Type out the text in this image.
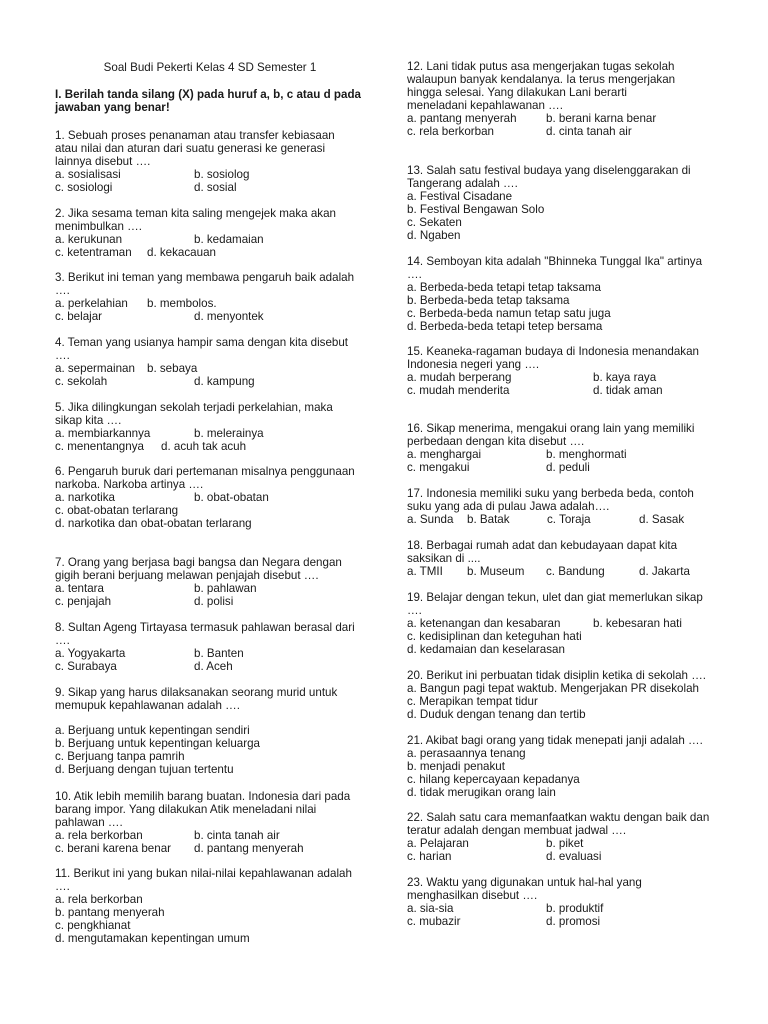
Soal Budi Pekerti Kelas 4 SD Semester 1
I. Berilah tanda silang (X) pada huruf a, b, c atau d pada jawaban yang benar!

1. Sebuah proses penanaman atau transfer kebiasaan atau nilai dan aturan dari suatu generasi ke generasi lainnya disebut ….

a. sosialisasi	b. sosiolog
c. sosiologi	d. sosial

2. Jika sesama teman kita saling mengejek maka akan menimbulkan ….

a. kerukunan	b. kedamaian
c. ketentraman	d. kekacauan

3. Berikut ini teman yang membawa pengaruh baik adalah ….

a. perkelahian	b. membolos.
c. belajar	d. menyontek

4. Teman yang usianya hampir sama dengan kita disebut ….

a. sepermainan	b. sebaya
c. sekolah	d. kampung

5. Jika dilingkungan sekolah terjadi perkelahian, maka sikap kita ….

a. membiarkannya	b. melerainya
c. menentangnya	d. acuh tak acuh

6. Pengaruh buruk dari pertemanan misalnya penggunaan narkoba. Narkoba artinya ….

a. narkotika	b. obat-obatan
c. obat-obatan terlarang
d. narkotika dan obat-obatan terlarang

7. Orang yang berjasa bagi bangsa dan Negara dengan gigih berani berjuang melawan penjajah disebut ….

a. tentara	b. pahlawan
c. penjajah	d. polisi

8. Sultan Ageng Tirtayasa termasuk pahlawan berasal dari ….

a. Yogyakarta	b. Banten
c. Surabaya	d. Aceh

9. Sikap yang harus dilaksanakan seorang murid untuk memupuk kepahlawanan adalah ….

a. Berjuang untuk kepentingan sendiri
b. Berjuang untuk kepentingan keluarga
c. Berjuang tanpa pamrih
d. Berjuang dengan tujuan tertentu

10. Atik lebih memilih barang buatan. Indonesia dari pada barang impor. Yang dilakukan Atik meneladani nilai pahlawan ….

a. rela berkorban	b. cinta tanah air
c. berani karena benar	d. pantang menyerah

11. Berikut ini yang bukan nilai-nilai kepahlawanan adalah ….

a. rela berkorban
b. pantang menyerah
c. pengkhianat
d. mengutamakan kepentingan umum

12. Lani tidak putus asa mengerjakan tugas sekolah walaupun banyak kendalanya. Ia terus mengerjakan hingga selesai. Yang dilakukan Lani berarti meneladani kepahlawanan ….

a. pantang menyerah	b. berani karna benar
c. rela berkorban	d. cinta tanah air

13. Salah satu festival budaya yang diselenggarakan di Tangerang adalah ….

a. Festival Cisadane
b. Festival Bengawan Solo
c. Sekaten
d. Ngaben

14. Semboyan kita adalah "Bhinneka Tunggal Ika" artinya ….

a. Berbeda-beda tetapi tetap taksama
b. Berbeda-beda tetap taksama
c. Berbeda-beda namun tetap satu juga
d. Berbeda-beda tetapi tetep bersama

15. Keaneka-ragaman budaya di Indonesia menandakan Indonesia negeri yang ….

a. mudah berperang	b. kaya raya
c. mudah menderita	d. tidak aman

16. Sikap menerima, mengakui orang lain yang memiliki perbedaan dengan kita disebut ….

a. menghargai	b. menghormati
c. mengakui	d. peduli

17. Indonesia memiliki suku yang berbeda beda, contoh suku yang ada di pulau Jawa adalah….

a. Sunda	b. Batak	c. Toraja	d. Sasak

18. Berbagai rumah adat dan kebudayaan dapat kita saksikan di ....

a. TMII	b. Museum	c. Bandung	d. Jakarta

19. Belajar dengan tekun, ulet dan giat memerlukan sikap ….

a. ketenangan dan kesabaran	b. kebesaran hati
c. kedisiplinan dan keteguhan hati
d. kedamaian dan keselarasan

20. Berikut ini perbuatan tidak disiplin ketika di sekolah ….

a. Bangun pagi tepat waktub. Mengerjakan PR disekolah
c. Merapikan tempat tidur
d. Duduk dengan tenang dan tertib

21. Akibat bagi orang yang tidak menepati janji adalah ….

a. perasaannya tenang
b. menjadi penakut
c. hilang kepercayaan kepadanya
d. tidak merugikan orang lain

22. Salah satu cara memanfaatkan waktu dengan baik dan teratur adalah dengan membuat jadwal ….

a. Pelajaran	b. piket
c. harian	d. evaluasi

23. Waktu yang digunakan untuk hal-hal yang menghasilkan disebut ….

a. sia-sia	b. produktif
c. mubazir	d. promosi
